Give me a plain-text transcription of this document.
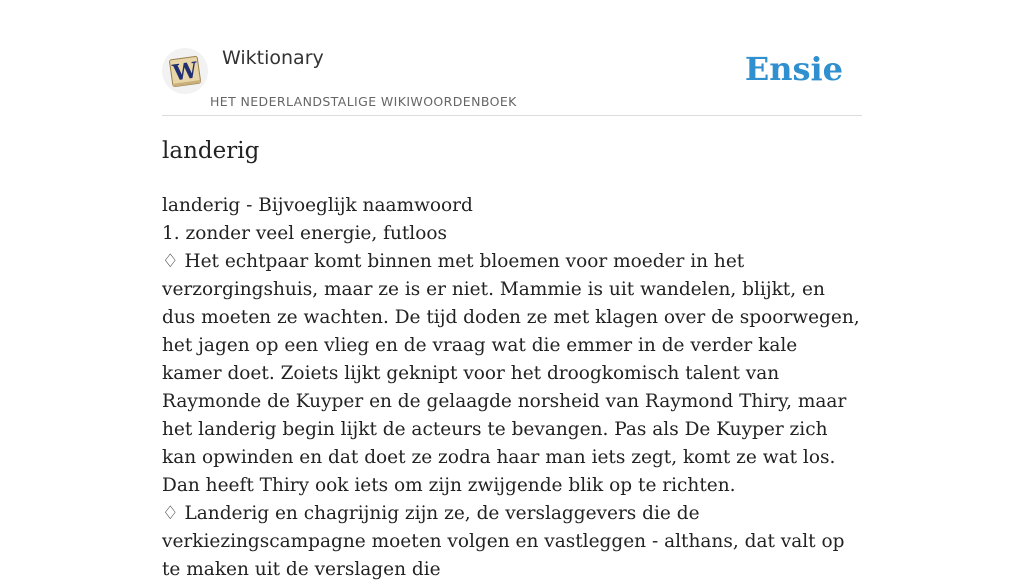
W Wiktionary
HET NEDERLANDSTALIGE WIKIWOORDENBOEK
Ensie
landerig

landerig - Bijvoeglijk naamwoord

1. zonder veel energie, futloos

♢ Het echtpaar komt binnen met bloemen voor moeder in het verzorgingshuis, maar ze is er niet. Mammie is uit wandelen, blijkt, en dus moeten ze wachten. De tijd doden ze met klagen over de spoorwegen, het jagen op een vlieg en de vraag wat die emmer in de verder kale kamer doet. Zoiets lijkt geknipt voor het droogkomisch talent van Raymonde de Kuyper en de gelaagde norsheid van Raymond Thiry, maar het landerig begin lijkt de acteurs te bevangen. Pas als De Kuyper zich kan opwinden en dat doet ze zodra haar man iets zegt, komt ze wat los. Dan heeft Thiry ook iets om zijn zwijgende blik op te richten.

♢ Landerig en chagrijnig zijn ze, de verslaggevers die de verkiezingscampagne moeten volgen en vastleggen - althans, dat valt op te maken uit de verslagen die
